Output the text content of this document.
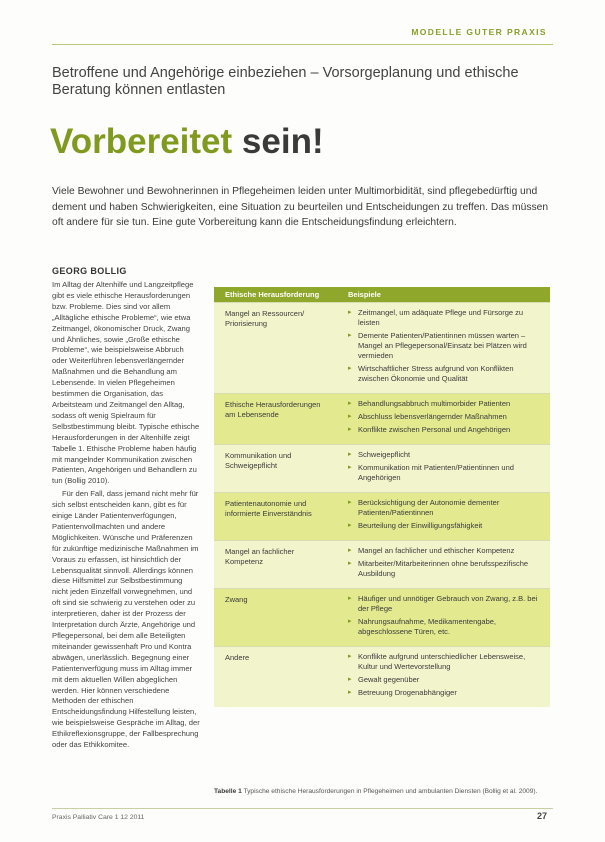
MODELLE GUTER PRAXIS
Betroffene und Angehörige einbeziehen – Vorsorgeplanung und ethische Beratung können entlasten
Vorbereitet sein!
Viele Bewohner und Bewohnerinnen in Pflegeheimen leiden unter Multimorbidität, sind pflegebedürftig und dement und haben Schwierigkeiten, eine Situation zu beurteilen und Entscheidungen zu treffen. Das müssen oft andere für sie tun. Eine gute Vorbereitung kann die Entscheidungsfindung erleichtern.
GEORG BOLLIG

Im Alltag der Altenhilfe und Langzeitpflege gibt es viele ethische Herausforderungen bzw. Probleme. Dies sind vor allem „Alltägliche ethische Probleme“, wie etwa Zeitmangel, ökonomischer Druck, Zwang und Ähnliches, sowie „Große ethische Probleme“, wie beispielsweise Abbruch oder Weiterführen lebensverlängernder Maßnahmen und die Behandlung am Lebensende. In vielen Pflegeheimen bestimmen die Organisation, das Arbeitsteam und Zeitmangel den Alltag, sodass oft wenig Spielraum für Selbstbestimmung bleibt. Typische ethische Herausforderungen in der Altenhilfe zeigt Tabelle 1. Ethische Probleme haben häufig mit mangelnder Kommunikation zwischen Patienten, Angehörigen und Behandlern zu tun (Bollig 2010).

Für den Fall, dass jemand nicht mehr für sich selbst entscheiden kann, gibt es für einige Länder Patientenverfügungen, Patientenvollmachten und andere Möglichkeiten. Wünsche und Präferenzen für zukünftige medizinische Maßnahmen im Voraus zu erfassen, ist hinsichtlich der Lebensqualität sinnvoll. Allerdings können diese Hilfsmittel zur Selbstbestimmung nicht jeden Einzelfall vorwegnehmen, und oft sind sie schwierig zu verstehen oder zu interpretieren, daher ist der Prozess der Interpretation durch Ärzte, Angehörige und Pflegepersonal, bei dem alle Beteiligten miteinander gewissenhaft Pro und Kontra abwägen, unerlässlich. Begegnung einer Patientenverfügung muss im Alltag immer mit dem aktuellen Willen abgeglichen werden. Hier können verschiedene Methoden der ethischen Entscheidungsfindung Hilfestellung leisten, wie beispielsweise Gespräche im Alltag, der Ethikreflexionsgruppe, der Fallbesprechung oder das Ethikkomitee.

Ethische Herausforderung	Beispiele
Mangel an Ressourcen/ Priorisierung
▸ Zeitmangel, um adäquate Pflege und Fürsorge zu leisten
▸ Demente Patienten/Patientinnen müssen warten – Mangel an Pflegepersonal/Einsatz bei Plätzen wird vermieden
▸ Wirtschaftlicher Stress aufgrund von Konflikten zwischen Ökonomie und Qualität
Ethische Herausforderungen am Lebensende
▸ Behandlungsabbruch multimorbider Patienten
▸ Abschluss lebensverlängernder Maßnahmen
▸ Konflikte zwischen Personal und Angehörigen
Kommunikation und Schweigepflicht
▸ Schweigepflicht
▸ Kommunikation mit Patienten/Patientinnen und Angehörigen
Patientenautonomie und informierte Einverständnis
▸ Berücksichtigung der Autonomie dementer Patienten/Patientinnen
▸ Beurteilung der Einwilligungsfähigkeit
Mangel an fachlicher Kompetenz
▸ Mangel an fachlicher und ethischer Kompetenz
▸ Mitarbeiter/Mitarbeiterinnen ohne berufsspezifische Ausbildung
Zwang	▸ Häufiger und unnötiger Gebrauch von Zwang, z.B. bei der Pflege
▸ Nahrungsaufnahme, Medikamentengabe, abgeschlossene Türen, etc.
Andere	▸ Konflikte aufgrund unterschiedlicher Lebensweise, Kultur und Wertevorstellung
▸ Gewalt gegenüber
▸ Betreuung Drogenabhängiger
Tabelle 1 Typische ethische Herausforderungen in Pflegeheimen und ambulanten Diensten (Bollig et al. 2009).
Praxis Palliativ Care 1 12 2011	27
